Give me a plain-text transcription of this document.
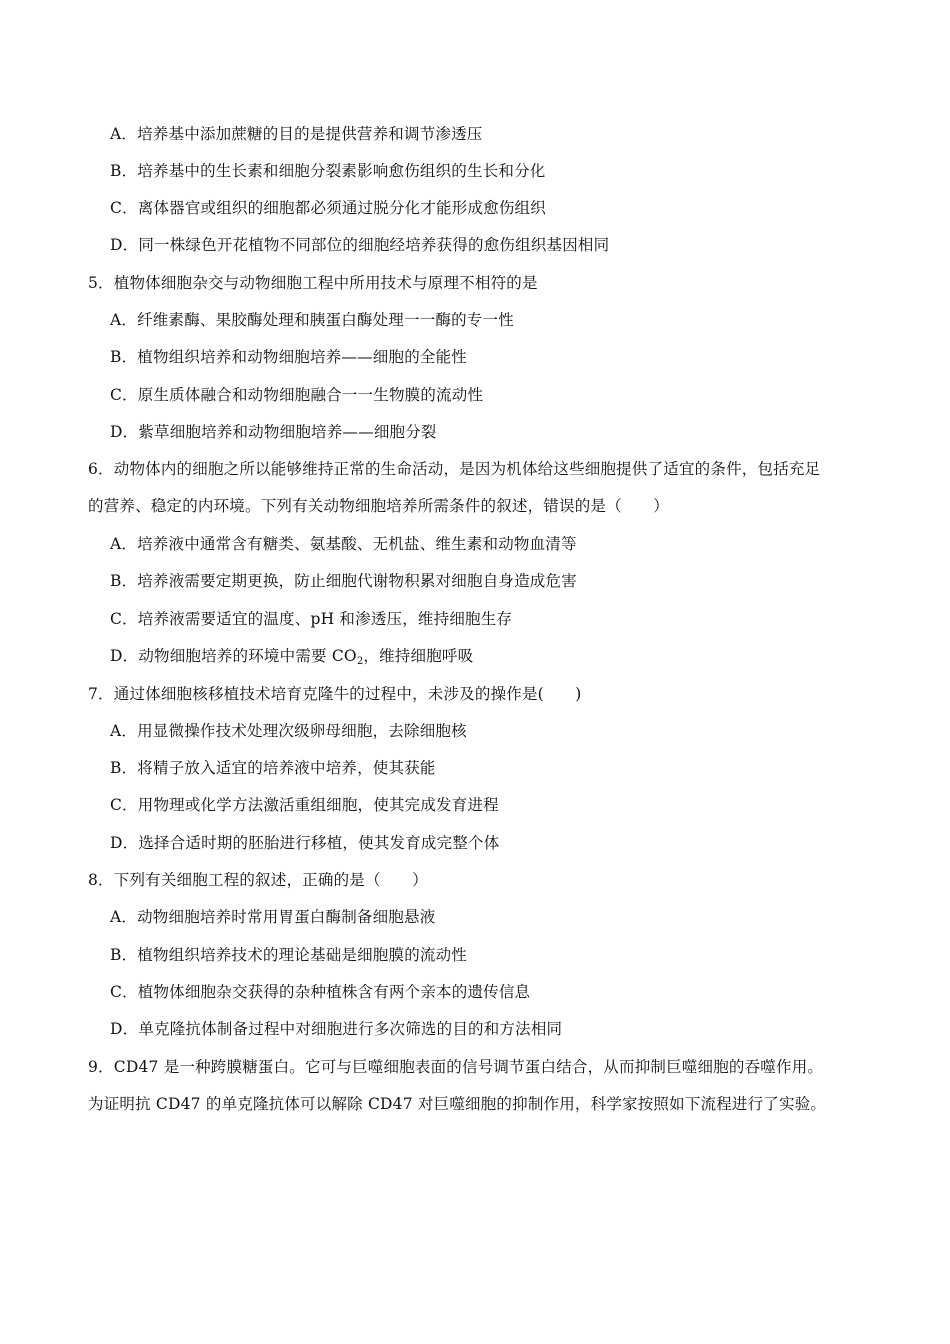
A．培养基中添加蔗糖的目的是提供营养和调节渗透压
B．培养基中的生长素和细胞分裂素影响愈伤组织的生长和分化
C．离体器官或组织的细胞都必须通过脱分化才能形成愈伤组织
D．同一株绿色开花植物不同部位的细胞经培养获得的愈伤组织基因相同
5．植物体细胞杂交与动物细胞工程中所用技术与原理不相符的是
A．纤维素酶、果胶酶处理和胰蛋白酶处理一一酶的专一性
B．植物组织培养和动物细胞培养——细胞的全能性
C．原生质体融合和动物细胞融合一一生物膜的流动性
D．紫草细胞培养和动物细胞培养——细胞分裂
6．动物体内的细胞之所以能够维持正常的生命活动，是因为机体给这些细胞提供了适宜的条件，包括充足
的营养、稳定的内环境。下列有关动物细胞培养所需条件的叙述，错误的是（　　）
A．培养液中通常含有糖类、氨基酸、无机盐、维生素和动物血清等
B．培养液需要定期更换，防止细胞代谢物积累对细胞自身造成危害
C．培养液需要适宜的温度、pH 和渗透压，维持细胞生存
D．动物细胞培养的环境中需要 $CO_2$，维持细胞呼吸
7．通过体细胞核移植技术培育克隆牛的过程中，未涉及的操作是(　　)
A．用显微操作技术处理次级卵母细胞，去除细胞核
B．将精子放入适宜的培养液中培养，使其获能
C．用物理或化学方法激活重组细胞，使其完成发育进程
D．选择合适时期的胚胎进行移植，使其发育成完整个体
8．下列有关细胞工程的叙述，正确的是（　　）
A．动物细胞培养时常用胃蛋白酶制备细胞悬液
B．植物组织培养技术的理论基础是细胞膜的流动性
C．植物体细胞杂交获得的杂种植株含有两个亲本的遗传信息
D．单克隆抗体制备过程中对细胞进行多次筛选的目的和方法相同
9．CD47 是一种跨膜糖蛋白。它可与巨噬细胞表面的信号调节蛋白结合，从而抑制巨噬细胞的吞噬作用。
为证明抗 CD47 的单克隆抗体可以解除 CD47 对巨噬细胞的抑制作用，科学家按照如下流程进行了实验。
